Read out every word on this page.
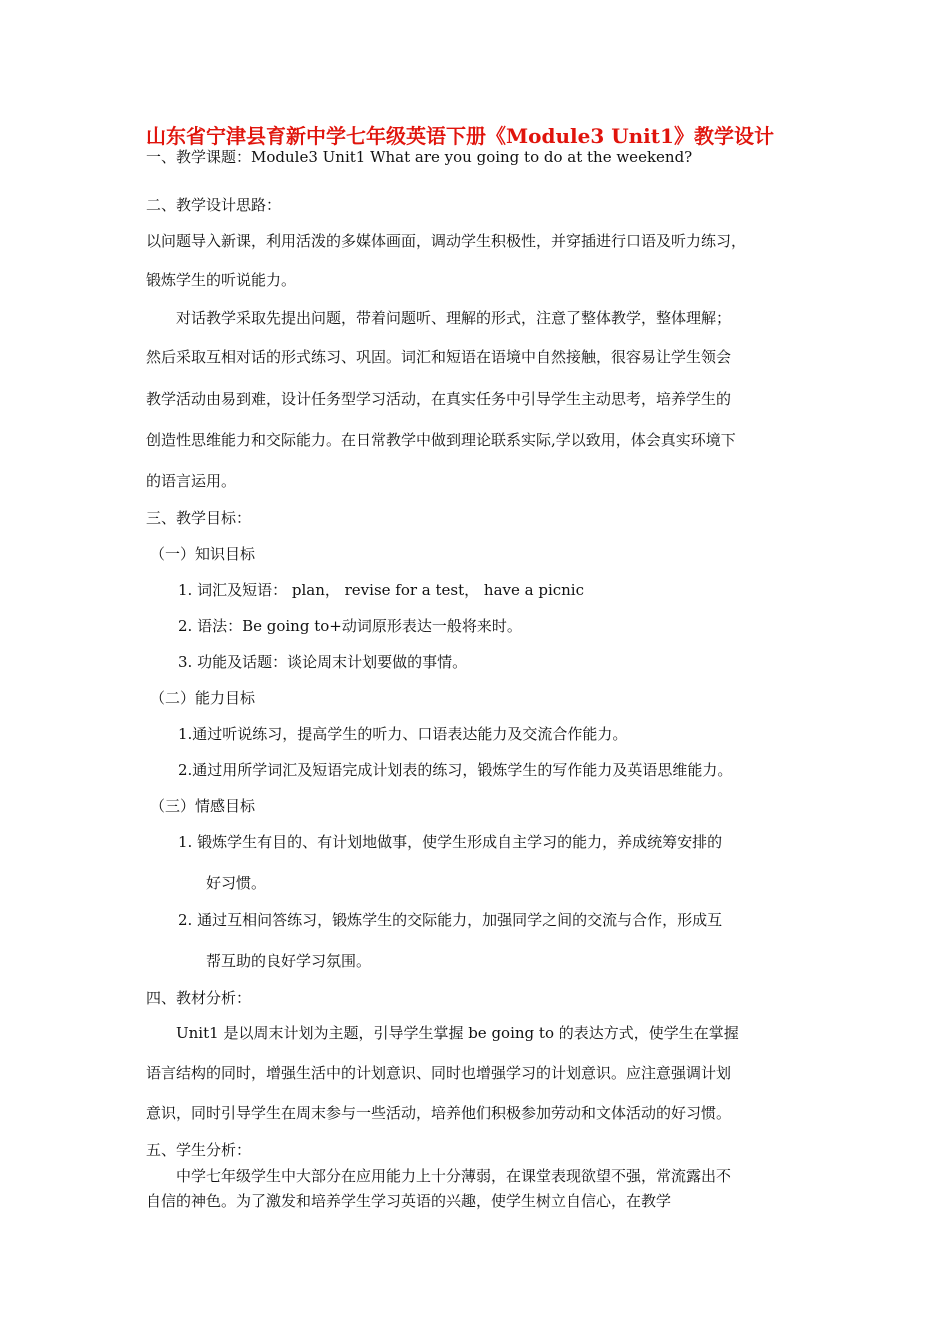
山东省宁津县育新中学七年级英语下册《Module3 Unit1》教学设计
一、教学课题：Module3 Unit1 What are you going to do at the weekend?
二、教学设计思路：
以问题导入新课，利用活泼的多媒体画面，调动学生积极性，并穿插进行口语及听力练习，
锻炼学生的听说能力。
对话教学采取先提出问题，带着问题听、理解的形式，注意了整体教学，整体理解；
然后采取互相对话的形式练习、巩固。词汇和短语在语境中自然接触，很容易让学生领会
教学活动由易到难，设计任务型学习活动，在真实任务中引导学生主动思考，培养学生的
创造性思维能力和交际能力。在日常教学中做到理论联系实际,学以致用，体会真实环境下
的语言运用。
三、教学目标：
（一）知识目标
1. 词汇及短语： plan， revise for a test， have a picnic
2. 语法：Be going to+动词原形表达一般将来时。
3. 功能及话题：谈论周末计划要做的事情。
（二）能力目标
1.通过听说练习，提高学生的听力、口语表达能力及交流合作能力。
2.通过用所学词汇及短语完成计划表的练习，锻炼学生的写作能力及英语思维能力。
（三）情感目标
1. 锻炼学生有目的、有计划地做事，使学生形成自主学习的能力，养成统筹安排的
好习惯。
2. 通过互相问答练习，锻炼学生的交际能力，加强同学之间的交流与合作，形成互
帮互助的良好学习氛围。
四、教材分析：
Unit1 是以周末计划为主题，引导学生掌握 be going to 的表达方式，使学生在掌握
语言结构的同时，增强生活中的计划意识、同时也增强学习的计划意识。应注意强调计划
意识，同时引导学生在周末参与一些活动，培养他们积极参加劳动和文体活动的好习惯。
五、学生分析：
中学七年级学生中大部分在应用能力上十分薄弱，在课堂表现欲望不强，常流露出不
自信的神色。为了激发和培养学生学习英语的兴趣，使学生树立自信心，在教学
